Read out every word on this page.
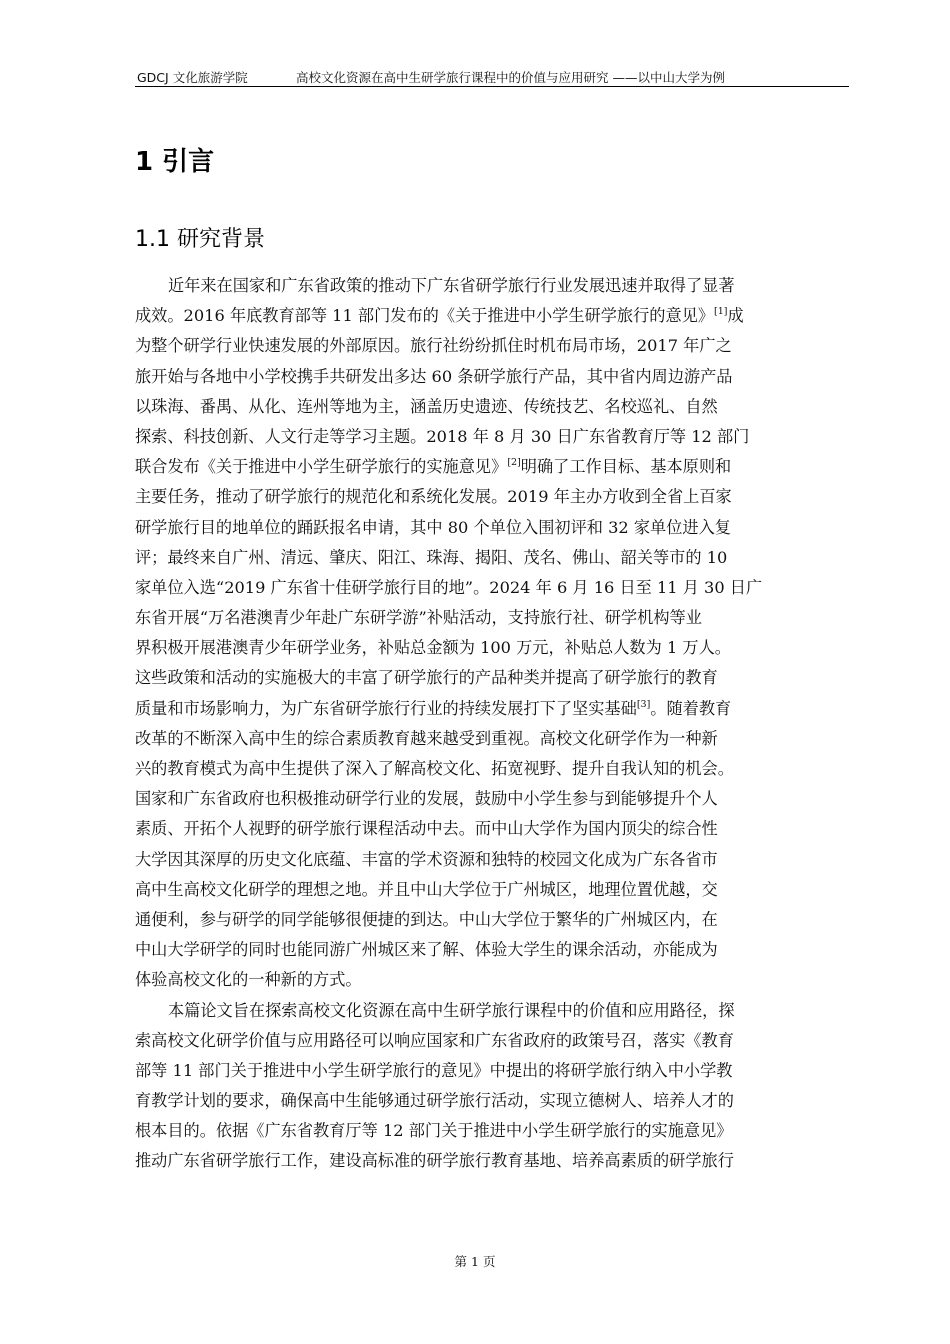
GDCJ 文化旅游学院	高校文化资源在高中生研学旅行课程中的价值与应用研究 ——以中山大学为例
1 引言
1.1 研究背景
近年来在国家和广东省政策的推动下广东省研学旅行行业发展迅速并取得了显著
成效。2016 年底教育部等 11 部门发布的《关于推进中小学生研学旅行的意见》[1]成
为整个研学行业快速发展的外部原因。旅行社纷纷抓住时机布局市场，2017 年广之
旅开始与各地中小学校携手共研发出多达 60 条研学旅行产品，其中省内周边游产品
以珠海、番禺、从化、连州等地为主，涵盖历史遗迹、传统技艺、名校巡礼、自然
探索、科技创新、人文行走等学习主题。2018 年 8 月 30 日广东省教育厅等 12 部门
联合发布《关于推进中小学生研学旅行的实施意见》[2]明确了工作目标、基本原则和
主要任务，推动了研学旅行的规范化和系统化发展。2019 年主办方收到全省上百家
研学旅行目的地单位的踊跃报名申请，其中 80 个单位入围初评和 32 家单位进入复
评；最终来自广州、清远、肇庆、阳江、珠海、揭阳、茂名、佛山、韶关等市的 10
家单位入选“2019 广东省十佳研学旅行目的地”。2024 年 6 月 16 日至 11 月 30 日广
东省开展“万名港澳青少年赴广东研学游”补贴活动，支持旅行社、研学机构等业
界积极开展港澳青少年研学业务，补贴总金额为 100 万元，补贴总人数为 1 万人。
这些政策和活动的实施极大的丰富了研学旅行的产品种类并提高了研学旅行的教育
质量和市场影响力，为广东省研学旅行行业的持续发展打下了坚实基础[3]。随着教育
改革的不断深入高中生的综合素质教育越来越受到重视。高校文化研学作为一种新
兴的教育模式为高中生提供了深入了解高校文化、拓宽视野、提升自我认知的机会。
国家和广东省政府也积极推动研学行业的发展，鼓励中小学生参与到能够提升个人
素质、开拓个人视野的研学旅行课程活动中去。而中山大学作为国内顶尖的综合性
大学因其深厚的历史文化底蕴、丰富的学术资源和独特的校园文化成为广东各省市
高中生高校文化研学的理想之地。并且中山大学位于广州城区，地理位置优越，交
通便利，参与研学的同学能够很便捷的到达。中山大学位于繁华的广州城区内，在
中山大学研学的同时也能同游广州城区来了解、体验大学生的课余活动，亦能成为
体验高校文化的一种新的方式。
本篇论文旨在探索高校文化资源在高中生研学旅行课程中的价值和应用路径，探
索高校文化研学价值与应用路径可以响应国家和广东省政府的政策号召，落实《教育
部等 11 部门关于推进中小学生研学旅行的意见》中提出的将研学旅行纳入中小学教
育教学计划的要求，确保高中生能够通过研学旅行活动，实现立德树人、培养人才的
根本目的。依据《广东省教育厅等 12 部门关于推进中小学生研学旅行的实施意见》
推动广东省研学旅行工作，建设高标准的研学旅行教育基地、培养高素质的研学旅行
第 1 页
